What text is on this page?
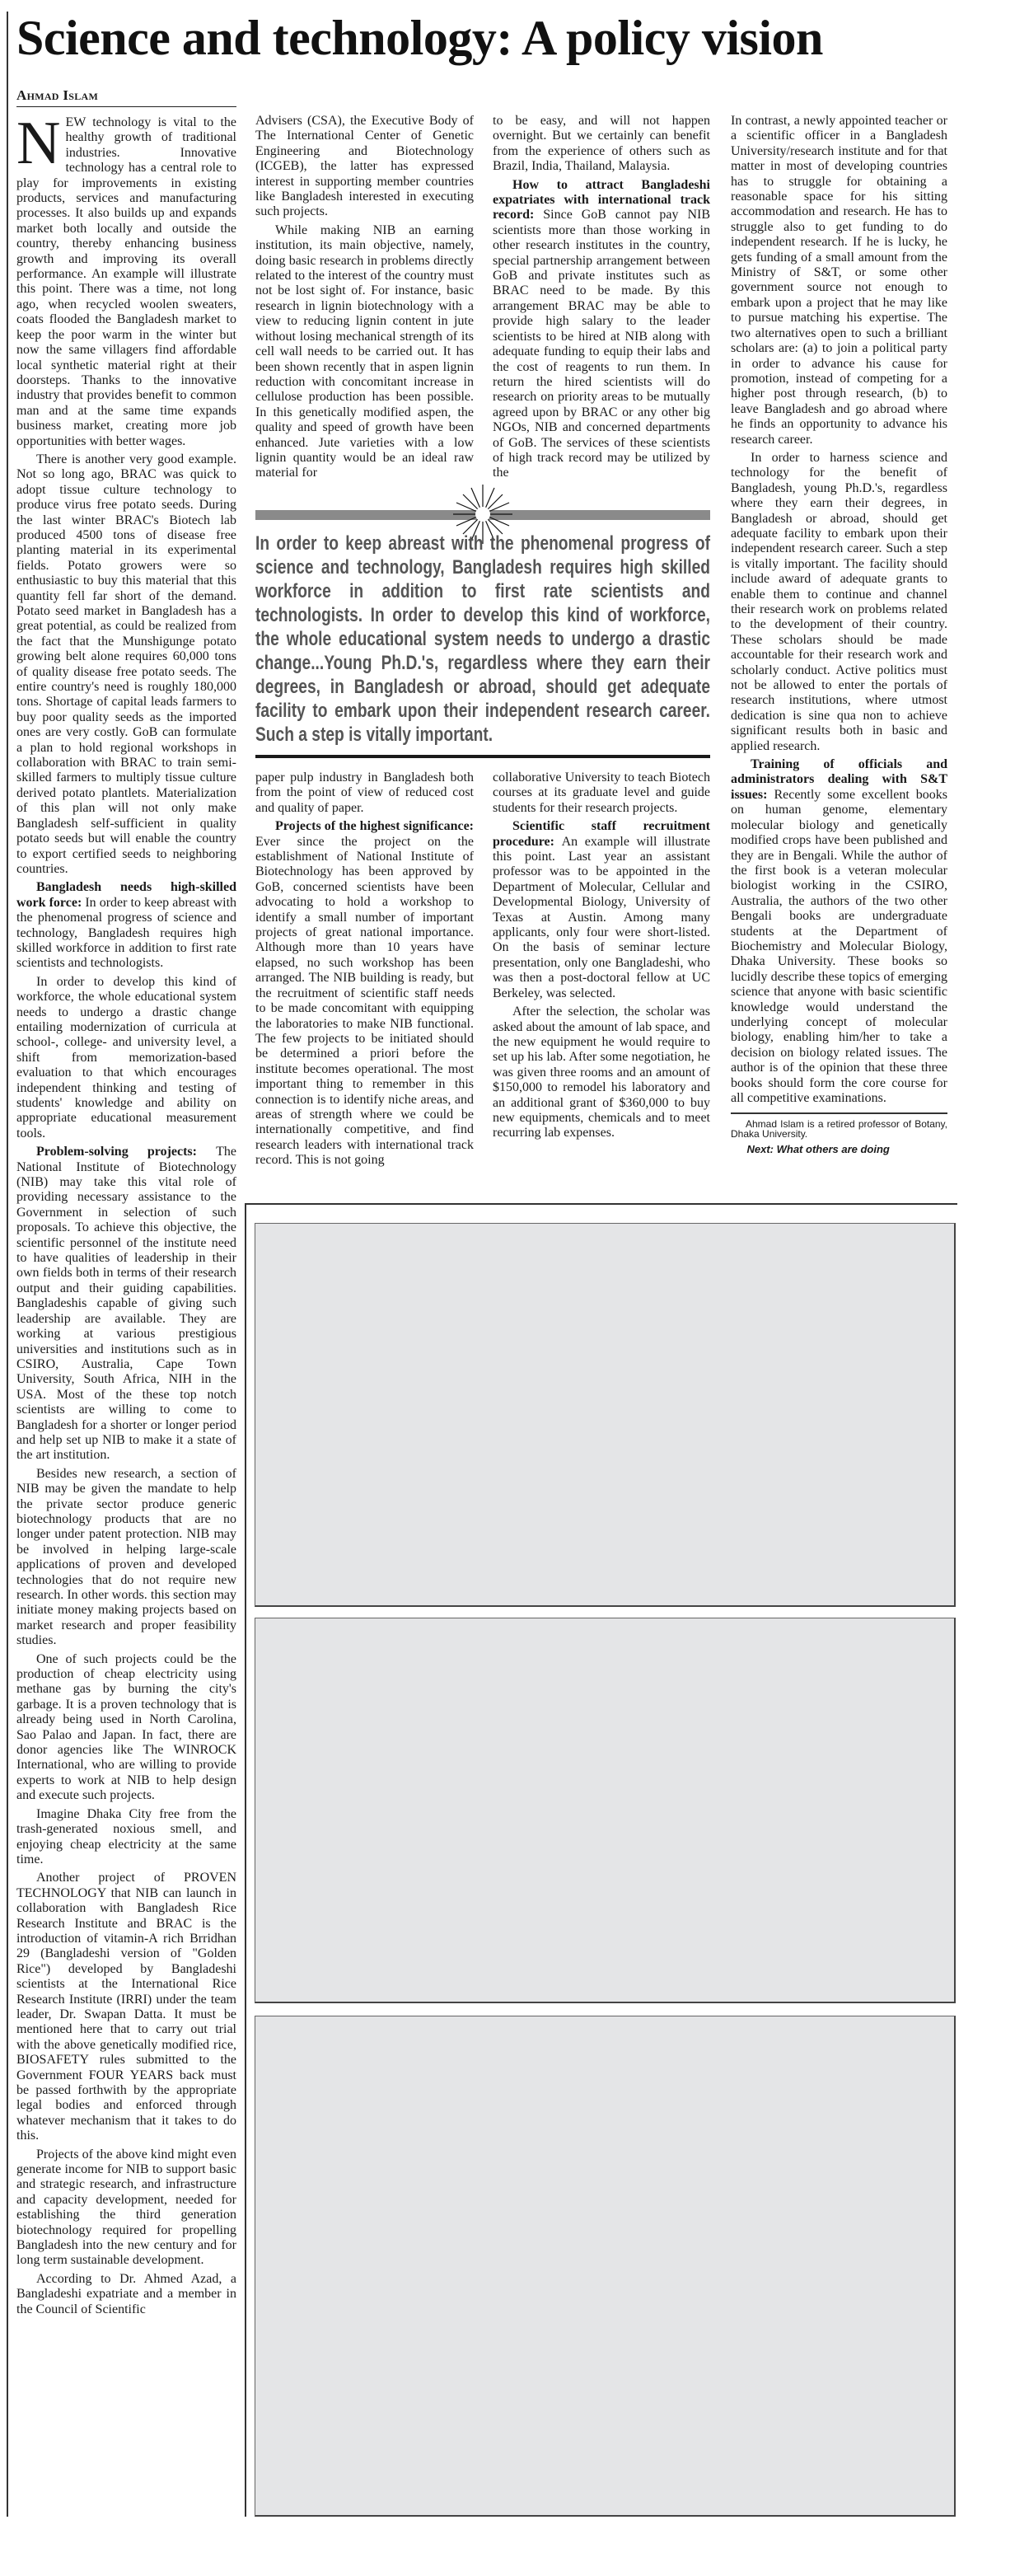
Science and technology: A policy vision
Ahmad Islam

NEW technology is vital to the healthy growth of traditional industries. Innovative technology has a central role to play for improvements in existing products, services and manufacturing processes. It also builds up and expands market both locally and outside the country, thereby enhancing business growth and improving its overall performance. An example will illustrate this point. There was a time, not long ago, when recycled woolen sweaters, coats flooded the Bangladesh market to keep the poor warm in the winter but now the same villagers find affordable local synthetic material right at their doorsteps. Thanks to the innovative industry that provides benefit to common man and at the same time expands business market, creating more job opportunities with better wages.

There is another very good example. Not so long ago, BRAC was quick to adopt tissue culture technology to produce virus free potato seeds. During the last winter BRAC's Biotech lab produced 4500 tons of disease free planting material in its experimental fields. Potato growers were so enthusiastic to buy this material that this quantity fell far short of the demand. Potato seed market in Bangladesh has a great potential, as could be realized from the fact that the Munshigunge potato growing belt alone requires 60,000 tons of quality disease free potato seeds. The entire country's need is roughly 180,000 tons. Shortage of capital leads farmers to buy poor quality seeds as the imported ones are very costly. GoB can formulate a plan to hold regional workshops in collaboration with BRAC to train semi-skilled farmers to multiply tissue culture derived potato plantlets. Materialization of this plan will not only make Bangladesh self-sufficient in quality potato seeds but will enable the country to export certified seeds to neighboring countries.

Bangladesh needs high-skilled work force: In order to keep abreast with the phenomenal progress of science and technology, Bangladesh requires high skilled workforce in addition to first rate scientists and technologists.

In order to develop this kind of workforce, the whole educational system needs to undergo a drastic change entailing modernization of curricula at school-, college- and university level, a shift from memorization-based evaluation to that which encourages independent thinking and testing of students' knowledge and ability on appropriate educational measurement tools.

Problem-solving projects: The National Institute of Biotechnology (NIB) may take this vital role of providing necessary assistance to the Government in selection of such proposals. To achieve this objective, the scientific personnel of the institute need to have qualities of leadership in their own fields both in terms of their research output and their guiding capabilities. Bangladeshis capable of giving such leadership are available. They are working at various prestigious universities and institutions such as in CSIRO, Australia, Cape Town University, South Africa, NIH in the USA. Most of the these top notch scientists are willing to come to Bangladesh for a shorter or longer period and help set up NIB to make it a state of the art institution.

Besides new research, a section of NIB may be given the mandate to help the private sector produce generic biotechnology products that are no longer under patent protection. NIB may be involved in helping large-scale applications of proven and developed technologies that do not require new research. In other words. this section may initiate money making projects based on market research and proper feasibility studies.

One of such projects could be the production of cheap electricity using methane gas by burning the city's garbage. It is a proven technology that is already being used in North Carolina, Sao Palao and Japan. In fact, there are donor agencies like The WINROCK International, who are willing to provide experts to work at NIB to help design and execute such projects.

Imagine Dhaka City free from the trash-generated noxious smell, and enjoying cheap electricity at the same time.

Another project of PROVEN TECHNOLOGY that NIB can launch in collaboration with Bangladesh Rice Research Institute and BRAC is the introduction of vitamin-A rich Brridhan 29 (Bangladeshi version of "Golden Rice") developed by Bangladeshi scientists at the International Rice Research Institute (IRRI) under the team leader, Dr. Swapan Datta. It must be mentioned here that to carry out trial with the above genetically modified rice, BIOSAFETY rules submitted to the Government FOUR YEARS back must be passed forthwith by the appropriate legal bodies and enforced through whatever mechanism that it takes to do this.

Projects of the above kind might even generate income for NIB to support basic and strategic research, and infrastructure and capacity development, needed for establishing the third generation biotechnology required for propelling Bangladesh into the new century and for long term sustainable development.

According to Dr. Ahmed Azad, a Bangladeshi expatriate and a member in the Council of Scientific

Advisers (CSA), the Executive Body of The International Center of Genetic Engineering and Biotechnology (ICGEB), the latter has expressed interest in supporting member countries like Bangladesh interested in executing such projects.

While making NIB an earning institution, its main objective, namely, doing basic research in problems directly related to the interest of the country must not be lost sight of. For instance, basic research in lignin biotechnology with a view to reducing lignin content in jute without losing mechanical strength of its cell wall needs to be carried out. It has been shown recently that in aspen lignin reduction with concomitant increase in cellulose production has been possible. In this genetically modified aspen, the quality and speed of growth have been enhanced. Jute varieties with a low lignin quantity would be an ideal raw material for

to be easy, and will not happen overnight. But we certainly can benefit from the experience of others such as Brazil, India, Thailand, Malaysia.

How to attract Bangladeshi expatriates with international track record: Since GoB cannot pay NIB scientists more than those working in other research institutes in the country, special partnership arrangement between GoB and private institutes such as BRAC need to be made. By this arrangement BRAC may be able to provide high salary to the leader scientists to be hired at NIB along with adequate funding to equip their labs and the cost of reagents to run them. In return the hired scientists will do research on priority areas to be mutually agreed upon by BRAC or any other big NGOs, NIB and concerned departments of GoB. The services of these scientists of high track record may be utilized by the

In order to keep abreast with the phenomenal progress of science and technology, Bangladesh requires high skilled workforce in addition to first rate scientists and technologists. In order to develop this kind of workforce, the whole educational system needs to undergo a drastic change...Young Ph.D.'s, regardless where they earn their degrees, in Bangladesh or abroad, should get adequate facility to embark upon their independent research career. Such a step is vitally important.

paper pulp industry in Bangladesh both from the point of view of reduced cost and quality of paper.

Projects of the highest significance:Ever since the project on the establishment of National Institute of Biotechnology has been approved by GoB, concerned scientists have been advocating to hold a workshop to identify a small number of important projects of great national importance. Although more than 10 years have elapsed, no such workshop has been arranged. The NIB building is ready, but the recruitment of scientific staff needs to be made concomitant with equipping the laboratories to make NIB functional. The few projects to be initiated should be determined a priori before the institute becomes operational. The most important thing to remember in this connection is to identify niche areas, and areas of strength where we could be internationally competitive, and find research leaders with international track record. This is not going

collaborative University to teach Biotech courses at its graduate level and guide students for their research projects.

Scientific staff recruitment procedure: An example will illustrate this point. Last year an assistant professor was to be appointed in the Department of Molecular, Cellular and Developmental Biology, University of Texas at Austin. Among many applicants, only four were short-listed. On the basis of seminar lecture presentation, only one Bangladeshi, who was then a post-doctoral fellow at UC Berkeley, was selected.

After the selection, the scholar was asked about the amount of lab space, and the new equipment he would require to set up his lab. After some negotiation, he was given three rooms and an amount of $150,000 to remodel his laboratory and an additional grant of $360,000 to buy new equipments, chemicals and to meet recurring lab expenses.

In contrast, a newly appointed teacher or a scientific officer in a Bangladesh University/research institute and for that matter in most of developing countries has to struggle for obtaining a reasonable space for his sitting accommodation and research. He has to struggle also to get funding to do independent research. If he is lucky, he gets funding of a small amount from the Ministry of S&T, or some other government source not enough to embark upon a project that he may like to pursue matching his expertise. The two alternatives open to such a brilliant scholars are: (a) to join a political party in order to advance his cause for promotion, instead of competing for a higher post through research, (b) to leave Bangladesh and go abroad where he finds an opportunity to advance his research career.

In order to harness science and technology for the benefit of Bangladesh, young Ph.D.'s, regardless where they earn their degrees, in Bangladesh or abroad, should get adequate facility to embark upon their independent research career. Such a step is vitally important. The facility should include award of adequate grants to enable them to continue and channel their research work on problems related to the development of their country. These scholars should be made accountable for their research work and scholarly conduct. Active politics must not be allowed to enter the portals of research institutions, where utmost dedication is sine qua non to achieve significant results both in basic and applied research.

Training of officials and administrators dealing with S&T issues: Recently some excellent books on human genome, elementary molecular biology and genetically modified crops have been published and they are in Bengali. While the author of the first book is a veteran molecular biologist working in the CSIRO, Australia, the authors of the two other Bengali books are undergraduate students at the Department of Biochemistry and Molecular Biology, Dhaka University. These books so lucidly describe these topics of emerging science that anyone with basic scientific knowledge would understand the underlying concept of molecular biology, enabling him/her to take a decision on biology related issues. The author is of the opinion that these three books should form the core course for all competitive examinations.

Ahmad Islam is a retired professor of Botany, Dhaka University.

Next: What others are doing
